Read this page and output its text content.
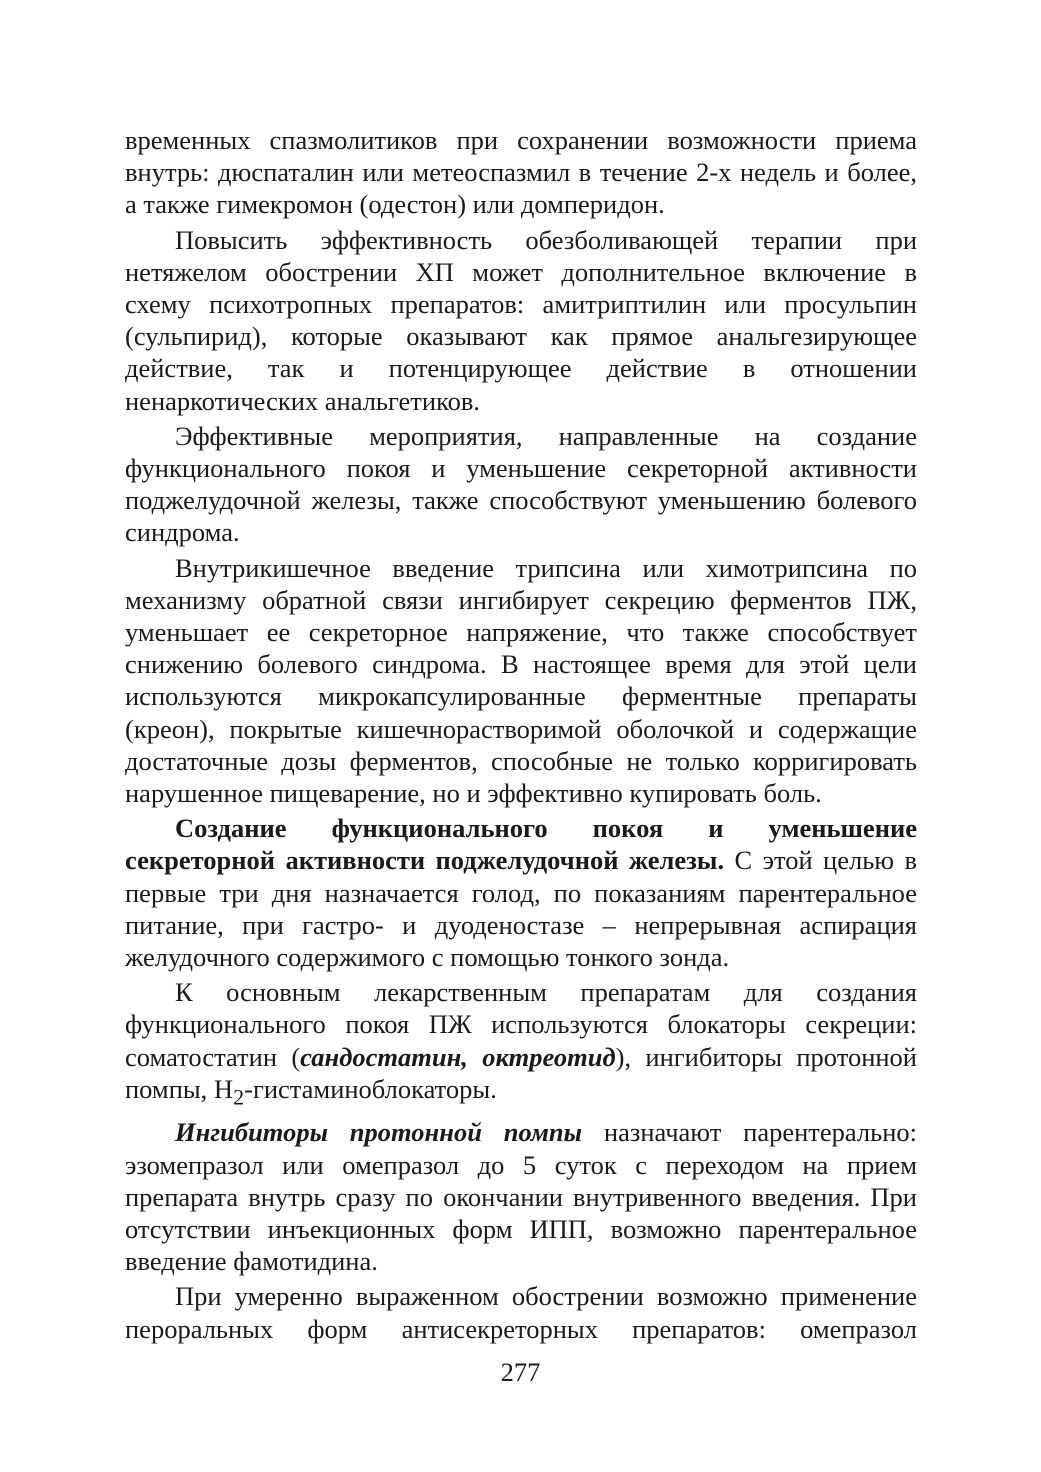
временных спазмолитиков при сохранении возможности приема внутрь: дюспаталин или метеоспазмил в течение 2-х недель и более, а также гимекромон (одестон) или домперидон.

Повысить эффективность обезболивающей терапии при нетяжелом обострении ХП может дополнительное включение в схему психотропных препаратов: амитриптилин или просульпин (сульпирид), которые оказывают как прямое анальгезирующее действие, так и потенцирующее действие в отношении ненаркотических анальгетиков.

Эффективные мероприятия, направленные на создание функционального покоя и уменьшение секреторной активности поджелудочной железы, также способствуют уменьшению болевого синдрома.

Внутрикишечное введение трипсина или химотрипсина по механизму обратной связи ингибирует секрецию ферментов ПЖ, уменьшает ее секреторное напряжение, что также способствует снижению болевого синдрома. В настоящее время для этой цели используются микрокапсулированные ферментные препараты (креон), покрытые кишечнорастворимой оболочкой и содержащие достаточные дозы ферментов, способные не только корригировать нарушенное пищеварение, но и эффективно купировать боль.

Создание функционального покоя и уменьшение секреторной активности поджелудочной железы. С этой целью в первые три дня назначается голод, по показаниям парентеральное питание, при гастро- и дуоденостазе – непрерывная аспирация желудочного содержимого с помощью тонкого зонда.

К основным лекарственным препаратам для создания функционального покоя ПЖ используются блокаторы секреции: соматостатин (сандостатин, октреотид), ингибиторы протонной помпы, $H_2$-гистаминоблокаторы.

Ингибиторы протонной помпы назначают парентерально: эзомепразол или омепразол до 5 суток с переходом на прием препарата внутрь сразу по окончании внутривенного введения. При отсутствии инъекционных форм ИПП, возможно парентеральное введение фамотидина.

При умеренно выраженном обострении возможно применение пероральных форм антисекреторных препаратов: омепразол

277
